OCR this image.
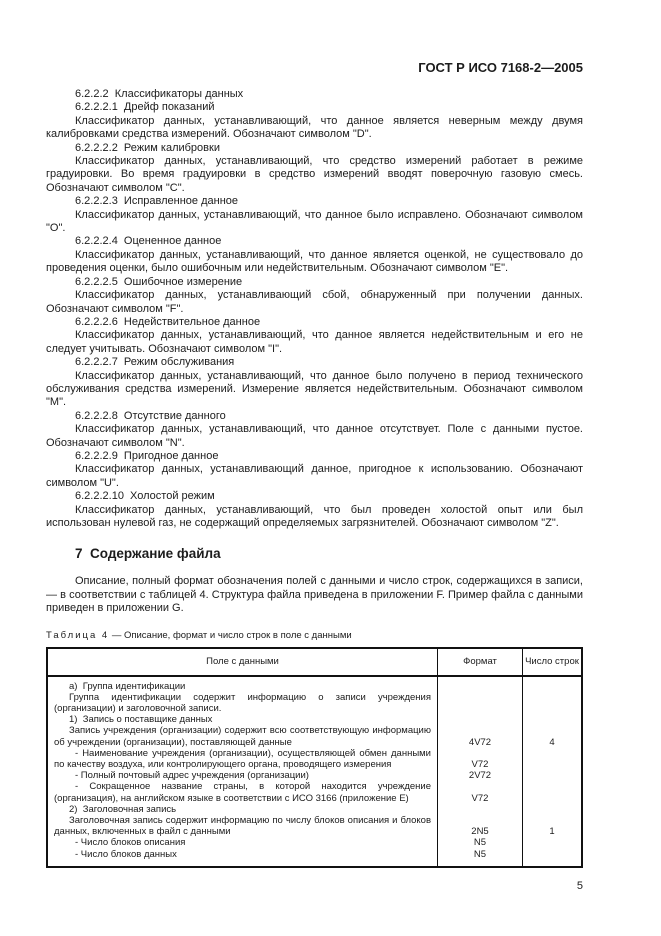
ГОСТ Р ИСО 7168-2—2005

6.2.2.2  Классификаторы данных

6.2.2.2.1  Дрейф показаний

Классификатор данных, устанавливающий, что данное является неверным между двумя калибровками средства измерений. Обозначают символом "D".

6.2.2.2.2  Режим калибровки

Классификатор данных, устанавливающий, что средство измерений работает в режиме градуировки. Во время градуировки в средство измерений вводят поверочную газовую смесь. Обозначают символом "C".

6.2.2.2.3  Исправленное данное

Классификатор данных, устанавливающий, что данное было исправлено. Обозначают символом "O".

6.2.2.2.4  Оцененное данное

Классификатор данных, устанавливающий, что данное является оценкой, не существовало до проведения оценки, было ошибочным или недействительным. Обозначают символом "E".

6.2.2.2.5  Ошибочное измерение

Классификатор данных, устанавливающий сбой, обнаруженный при получении данных. Обозначают символом "F".

6.2.2.2.6  Недействительное данное

Классификатор данных, устанавливающий, что данное является недействительным и его не следует учитывать. Обозначают символом "I".

6.2.2.2.7  Режим обслуживания

Классификатор данных, устанавливающий, что данное было получено в период технического обслуживания средства измерений. Измерение является недействительным. Обозначают символом "M".

6.2.2.2.8  Отсутствие данного

Классификатор данных, устанавливающий, что данное отсутствует. Поле с данными пустое. Обозначают символом "N".

6.2.2.2.9  Пригодное данное

Классификатор данных, устанавливающий данное, пригодное к использованию. Обозначают символом "U".

6.2.2.2.10  Холостой режим

Классификатор данных, устанавливающий, что был проведен холостой опыт или был использован нулевой газ, не содержащий определяемых загрязнителей. Обозначают символом "Z".

7  Содержание файла

Описание, полный формат обозначения полей с данными и число строк, содержащихся в записи, — в соответствии с таблицей 4. Структура файла приведена в приложении F. Пример файла с данными приведен в приложении G.

Таблица 4 — Описание, формат и число строк в поле с данными
Поле с данными	Формат	Число строк

а)  Группа идентификации

Группа идентификации содержит информацию о записи учреждения (организации) и заголовочной записи.

1)  Запись о поставщике данных

Запись учреждения (организации) содержит всю соответствующую информацию об учреждении (организации), поставляющей данные	4V72	4

- Наименование учреждения (организации), осуществляющей обмен данными по качеству воздуха, или контролирующего органа, проводящего измерения	V72

- Полный почтовый адрес учреждения (организации)	2V72

- Сокращенное название страны, в которой находится учреждение (организация), на английском языке в соответствии с ИСО 3166 (приложение Е)	V72

2)  Заголовочная запись

Заголовочная запись содержит информацию по числу блоков описания и блоков данных, включенных в файл с данными	2N5	1

- Число блоков описания	N5

- Число блоков данных	N5
5
